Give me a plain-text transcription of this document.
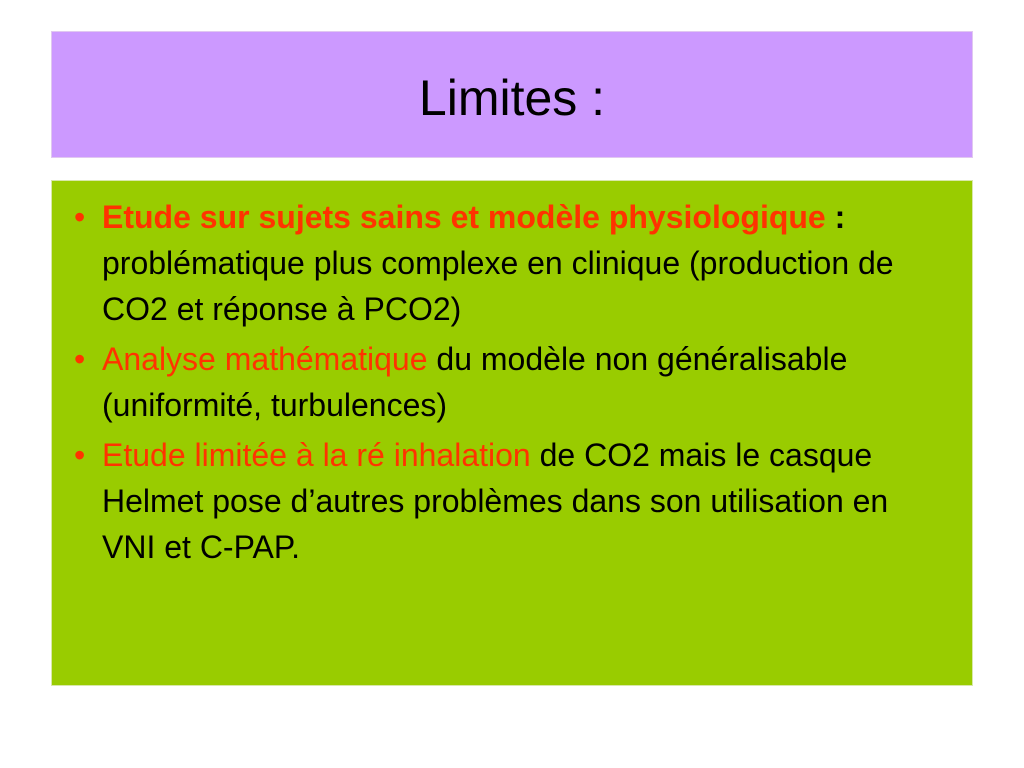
Limites :
• Etude sur sujets sains et modèle physiologique : problématique plus complexe en clinique (production de CO2 et réponse à PCO2)
• Analyse mathématique du modèle non généralisable (uniformité, turbulences)
• Etude limitée à la ré inhalation de CO2 mais le casque Helmet pose d’autres problèmes dans son utilisation en VNI et C-PAP.
